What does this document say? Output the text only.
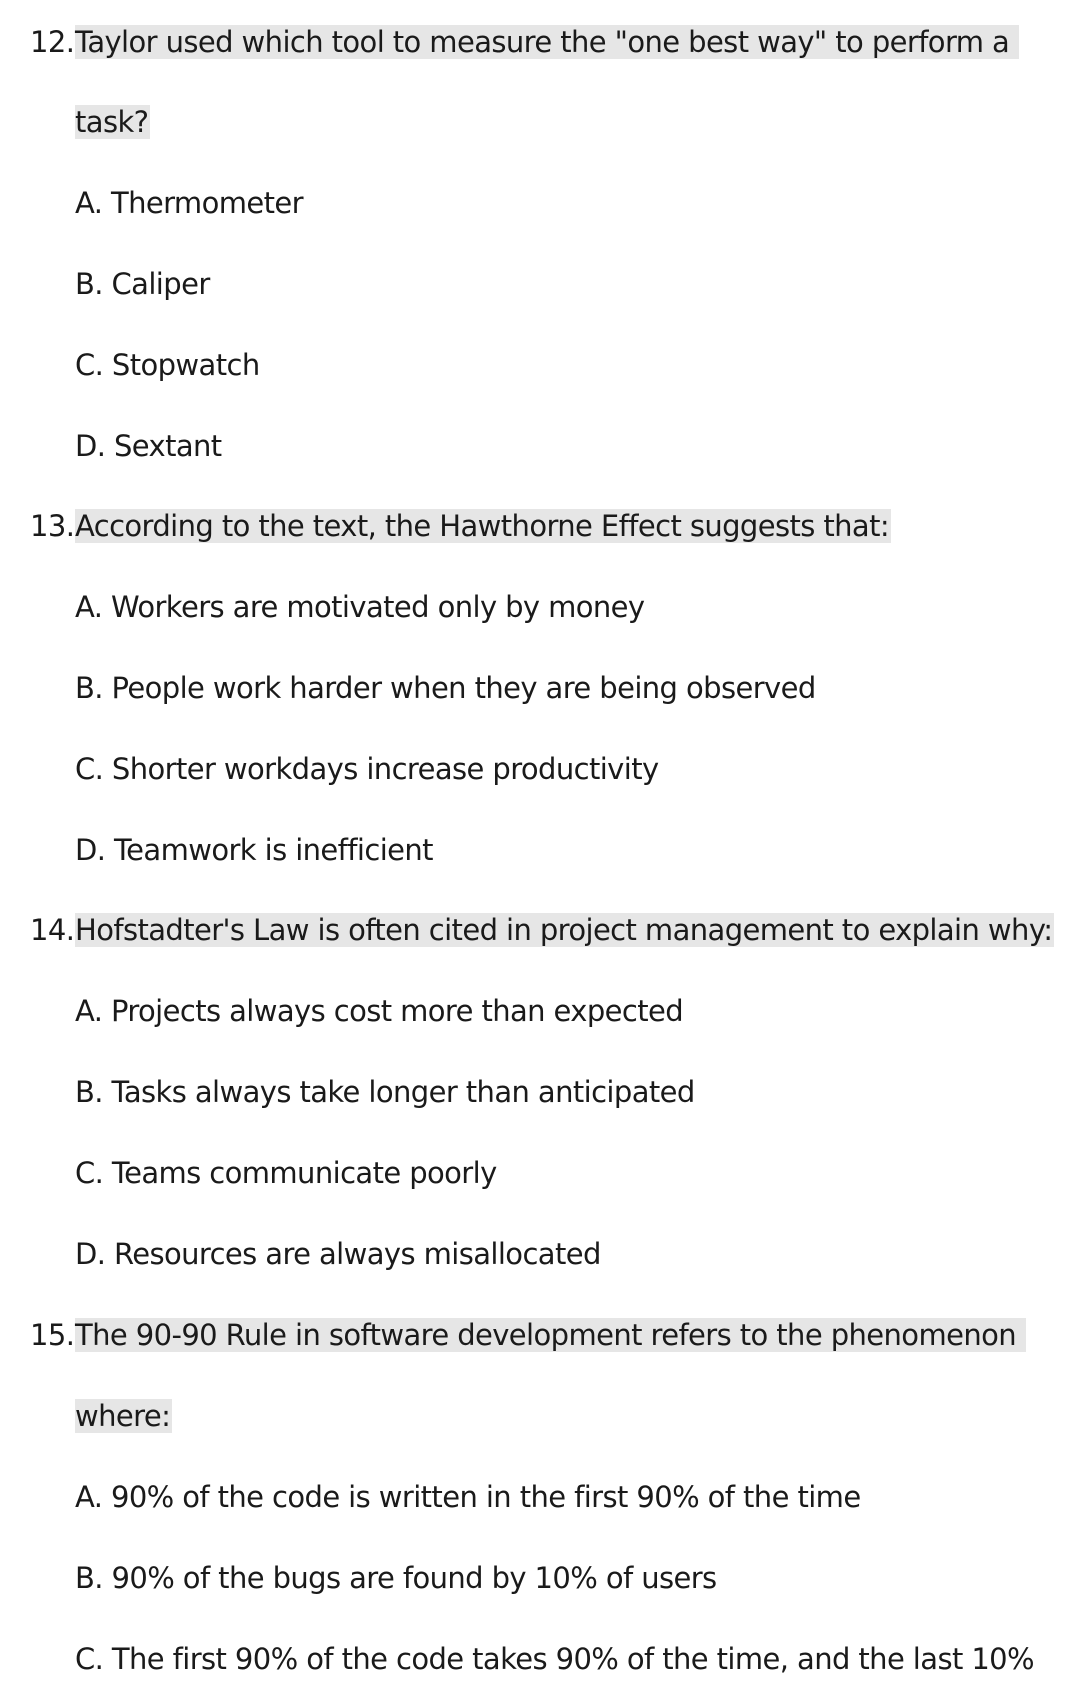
12. Taylor used which tool to measure the "one best way" to perform a
task?
A. Thermometer
B. Caliper
C. Stopwatch
D. Sextant
13. According to the text, the Hawthorne Effect suggests that:
A. Workers are motivated only by money
B. People work harder when they are being observed
C. Shorter workdays increase productivity
D. Teamwork is inefficient
14. Hofstadter's Law is often cited in project management to explain why:
A. Projects always cost more than expected
B. Tasks always take longer than anticipated
C. Teams communicate poorly
D. Resources are always misallocated
15. The 90-90 Rule in software development refers to the phenomenon
where:
A. 90% of the code is written in the first 90% of the time
B. 90% of the bugs are found by 10% of users
C. The first 90% of the code takes 90% of the time, and the last 10%
